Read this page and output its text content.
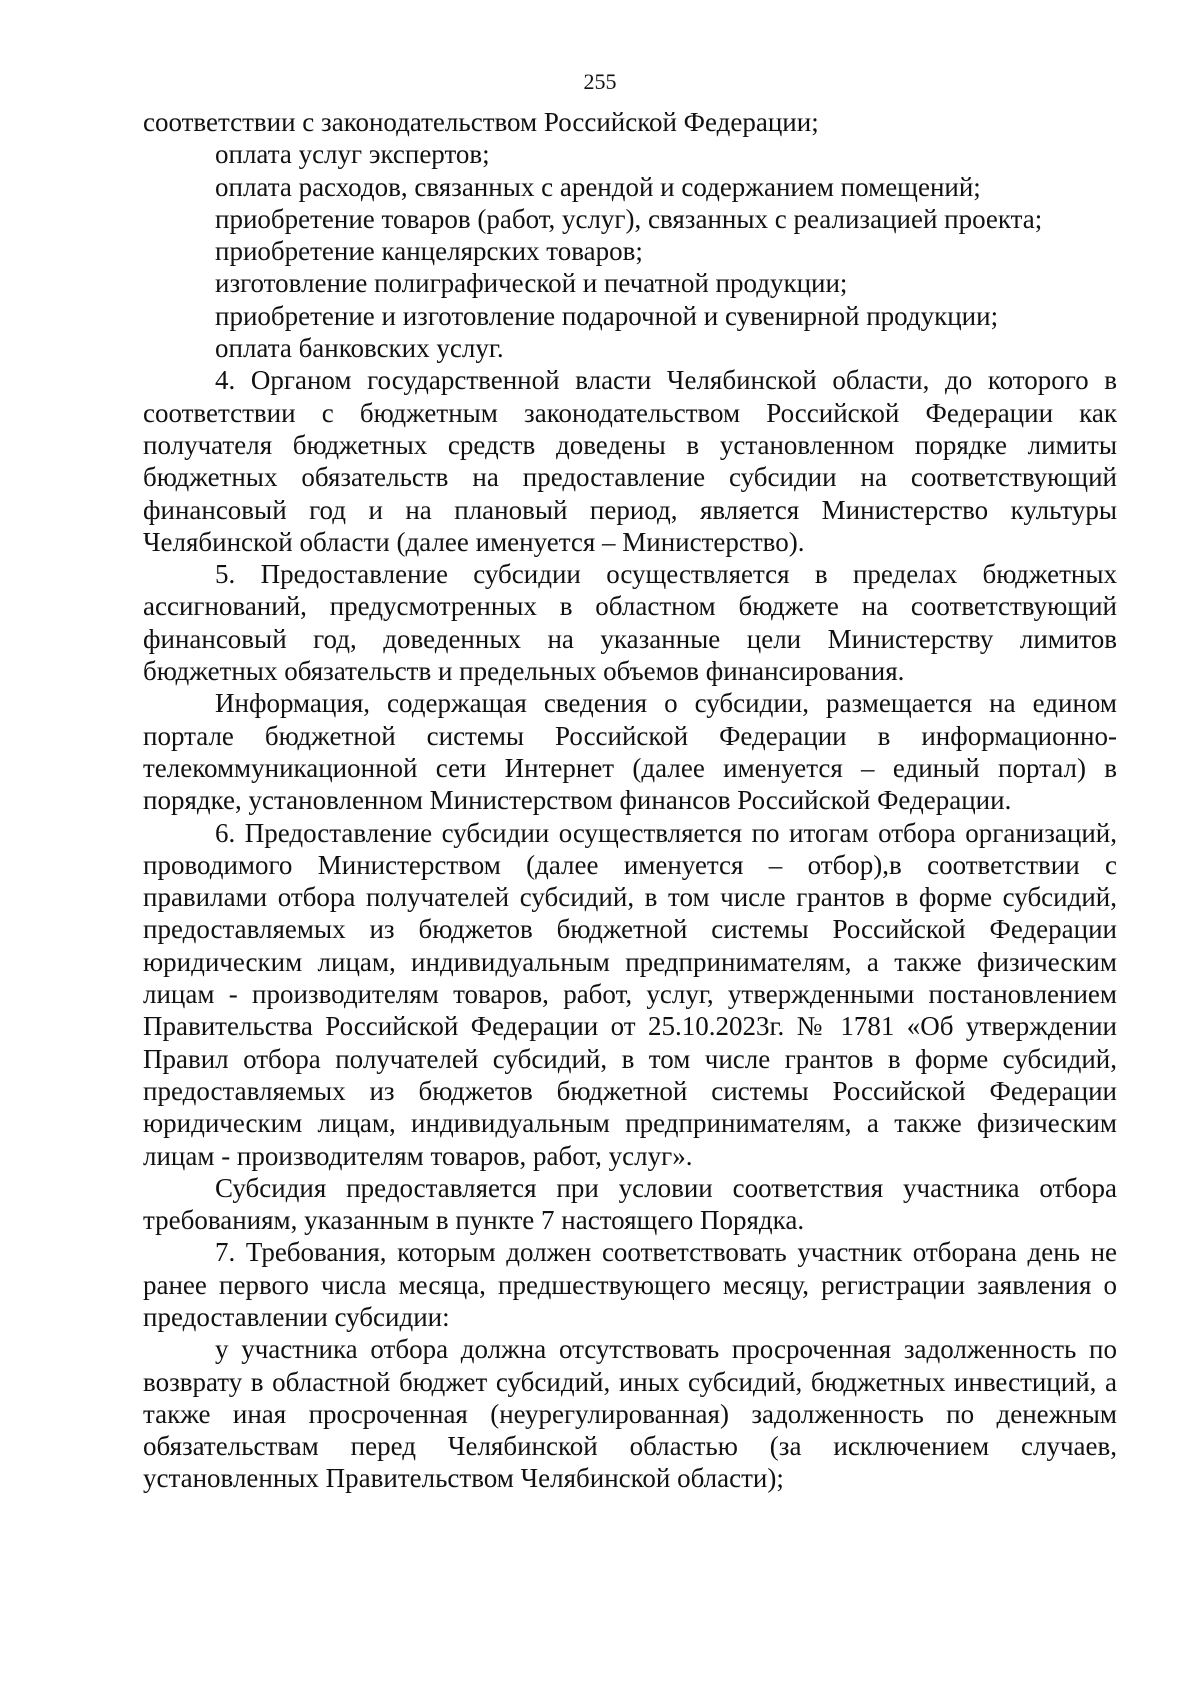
255

соответствии с законодательством Российской Федерации;

оплата услуг экспертов;

оплата расходов, связанных с арендой и содержанием помещений;

приобретение товаров (работ, услуг), связанных с реализацией проекта;

приобретение канцелярских товаров;

изготовление полиграфической и печатной продукции;

приобретение и изготовление подарочной и сувенирной продукции;

оплата банковских услуг.

4. Органом государственной власти Челябинской области, до которого в соответствии с бюджетным законодательством Российской Федерации как получателя бюджетных средств доведены в установленном порядке лимиты бюджетных обязательств на предоставление субсидии на соответствующий финансовый год и на плановый период, является Министерство культуры Челябинской области (далее именуется – Министерство).

5. Предоставление субсидии осуществляется в пределах бюджетных ассигнований, предусмотренных в областном бюджете на соответствующий финансовый год, доведенных на указанные цели Министерству лимитов бюджетных обязательств и предельных объемов финансирования.

Информация, содержащая сведения о субсидии, размещается на едином портале бюджетной системы Российской Федерации в информационно-телекоммуникационной сети Интернет (далее именуется – единый портал) в порядке, установленном Министерством финансов Российской Федерации.

6. Предоставление субсидии осуществляется по итогам отбора организаций, проводимого Министерством (далее именуется – отбор),в соответствии с правилами отбора получателей субсидий, в том числе грантов в форме субсидий, предоставляемых из бюджетов бюджетной системы Российской Федерации юридическим лицам, индивидуальным предпринимателям, а также физическим лицам - производителям товаров, работ, услуг, утвержденными постановлением Правительства Российской Федерации от 25.10.2023г. № 1781 «Об утверждении Правил отбора получателей субсидий, в том числе грантов в форме субсидий, предоставляемых из бюджетов бюджетной системы Российской Федерации юридическим лицам, индивидуальным предпринимателям, а также физическим лицам - производителям товаров, работ, услуг».

Субсидия предоставляется при условии соответствия участника отбора требованиям, указанным в пункте 7 настоящего Порядка.

7. Требования, которым должен соответствовать участник отборана день не ранее первого числа месяца, предшествующего месяцу, регистрации заявления о предоставлении субсидии:

у участника отбора должна отсутствовать просроченная задолженность по возврату в областной бюджет субсидий, иных субсидий, бюджетных инвестиций, а также иная просроченная (неурегулированная) задолженность по денежным обязательствам перед Челябинской областью (за исключением случаев, установленных Правительством Челябинской области);
